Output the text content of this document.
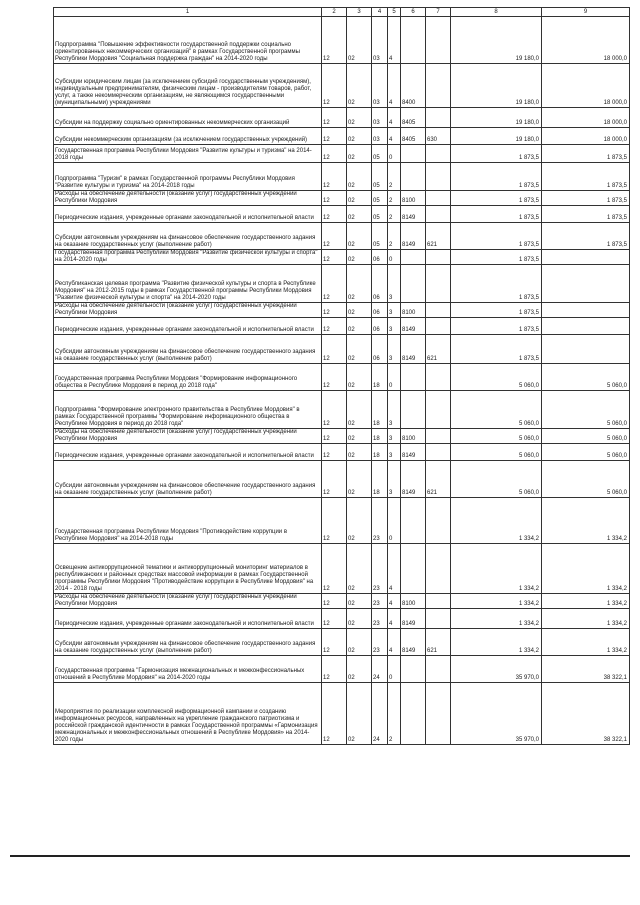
1	2	3	4	5	6	7	8	9
Подпрограмма "Повышение эффективности государственной поддержки социально ориентированных некоммерческих организаций" в рамках Государственной программы Республики Мордовия "Социальная поддержка граждан" на 2014-2020 годы	12	02	03	4			19 180,0	18 000,0
Субсидии юридическим лицам (за исключением субсидий государственным учреждениям), индивидуальным предпринимателям, физическим лицам - производителям товаров, работ, услуг, а также некоммерческим организациям, не являющимся государственными (муниципальными) учреждениями	12	02	03	4	8400		19 180,0	18 000,0
Субсидии на поддержку социально ориентированных некоммерческих организаций	12	02	03	4	8405		19 180,0	18 000,0
Субсидии некоммерческим организациям (за исключением государственных учреждений)	12	02	03	4	8405	630	19 180,0	18 000,0
Государственная программа Республики Мордовия "Развитие культуры и туризма" на 2014-2018 годы	12	02	05	0			1 873,5	1 873,5
Подпрограмма "Туризм" в рамках Государственной программы Республики Мордовия "Развитие культуры и туризма" на 2014-2018 годы	12	02	05	2			1 873,5	1 873,5
Расходы на обеспечение деятельности (оказание услуг) государственных учреждений Республики Мордовия	12	02	05	2	8100		1 873,5	1 873,5
Периодические издания, учрежденные органами законодательной и исполнительной власти	12	02	05	2	8149		1 873,5	1 873,5
Субсидии автономным учреждениям на финансовое обеспечение государственного задания на оказание государственных услуг (выполнение работ)	12	02	05	2	8149	621	1 873,5	1 873,5
Государственная программа Республики Мордовия "Развитие физической культуры и спорта" на 2014-2020 годы	12	02	06	0			1 873,5	
Республиканская целевая программа "Развитие физической культуры и спорта в Республике Мордовия" на 2012-2015 годы в рамках Государственной программы Республики Мордовия "Развитие физической культуры и спорта" на 2014-2020 годы	12	02	06	3			1 873,5	
Расходы на обеспечение деятельности (оказание услуг) государственных учреждений Республики Мордовия	12	02	06	3	8100		1 873,5	
Периодические издания, учрежденные органами законодательной и исполнительной власти	12	02	06	3	8149		1 873,5	
Субсидии автономным учреждениям на финансовое обеспечение государственного задания на оказание государственных услуг (выполнение работ)	12	02	06	3	8149	621	1 873,5	
Государственная программа Республики Мордовия "Формирование информационного общества в Республике Мордовия в период до 2018 года"	12	02	18	0			5 060,0	5 060,0
Подпрограмма "Формирование электронного правительства в Республике Мордовия" в рамках Государственной программы "Формирование информационного общества в Республике Мордовия в период до 2018 года"	12	02	18	3			5 060,0	5 060,0
Расходы на обеспечение деятельности (оказание услуг) государственных учреждений Республики Мордовия	12	02	18	3	8100		5 060,0	5 060,0
Периодические издания, учрежденные органами законодательной и исполнительной власти	12	02	18	3	8149		5 060,0	5 060,0
Субсидии автономным учреждениям на финансовое обеспечение государственного задания на оказание государственных услуг (выполнение работ)	12	02	18	3	8149	621	5 060,0	5 060,0
Государственная программа Республики Мордовия "Противодействие коррупции в Республике Мордовия" на 2014-2018 годы	12	02	23	0			1 334,2	1 334,2
Освещение антикоррупционной тематики и антикоррупционный мониторинг материалов в республиканских и районных средствах массовой информации в рамках Государственной программы Республики Мордовия "Противодействие коррупции в Республике Мордовия" на 2014 - 2018 годы	12	02	23	4			1 334,2	1 334,2
Расходы на обеспечение деятельности (оказание услуг) государственных учреждений Республики Мордовия	12	02	23	4	8100		1 334,2	1 334,2
Периодические издания, учрежденные органами законодательной и исполнительной власти	12	02	23	4	8149		1 334,2	1 334,2
Субсидии автономным учреждениям на финансовое обеспечение государственного задания на оказание государственных услуг (выполнение работ)	12	02	23	4	8149	621	1 334,2	1 334,2
Государственная программа "Гармонизация межнациональных и межконфессиональных отношений в Республике Мордовия" на 2014-2020 годы	12	02	24	0			35 970,0	38 322,1
Мероприятия по реализации комплексной информационной кампании и созданию информационных ресурсов, направленных на укрепление гражданского патриотизма и российской гражданской идентичности в рамках Государственной программы «Гармонизация межнациональных и межконфессиональных отношений в Республике Мордовия» на 2014-2020 годы	12	02	24	2			35 970,0	38 322,1
